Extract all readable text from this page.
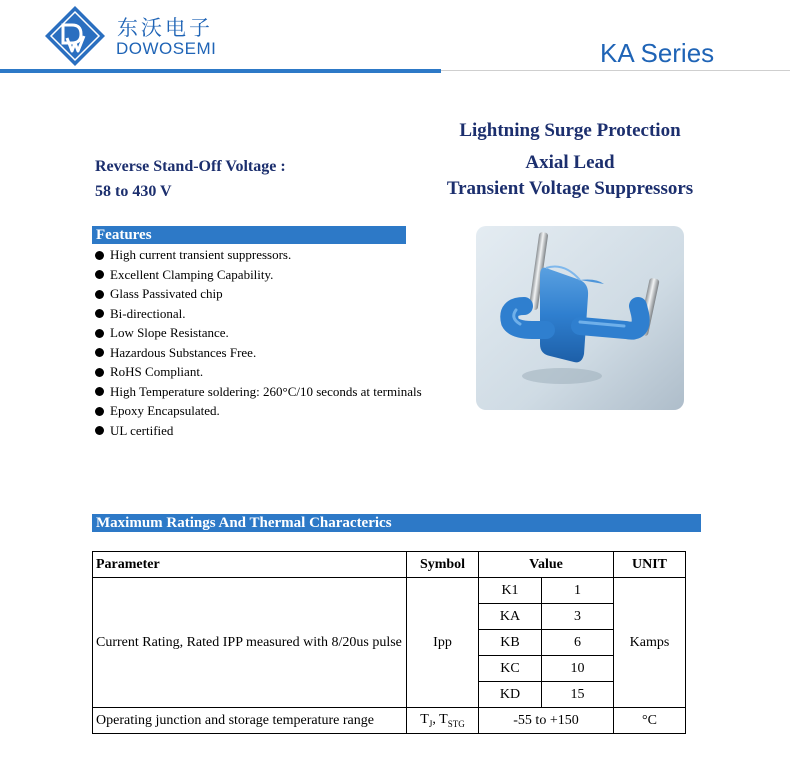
东沃电子
DOWOSEMI	KA Series
Lightning Surge Protection
Axial Lead
Transient Voltage Suppressors
Reverse Stand-Off Voltage :
58 to 430 V
Features
High current transient suppressors.
Excellent Clamping Capability.
Glass Passivated chip
Bi-directional.
Low Slope Resistance.
Hazardous Substances Free.
RoHS Compliant.
High Temperature soldering: 260°C/10 seconds at terminals
Epoxy Encapsulated.
UL certified
Maximum Ratings And Thermal Characterics
Parameter	Symbol	Value		UNIT
Current Rating, Rated IPP measured with 8/20us pulse	Ipp	K1	1	Kamps
		KA	3	
		KB	6	
		KC	10	
		KD	15	
Operating junction and storage temperature range	$T_J$, $T_{STG}$	-55 to +150		°C
